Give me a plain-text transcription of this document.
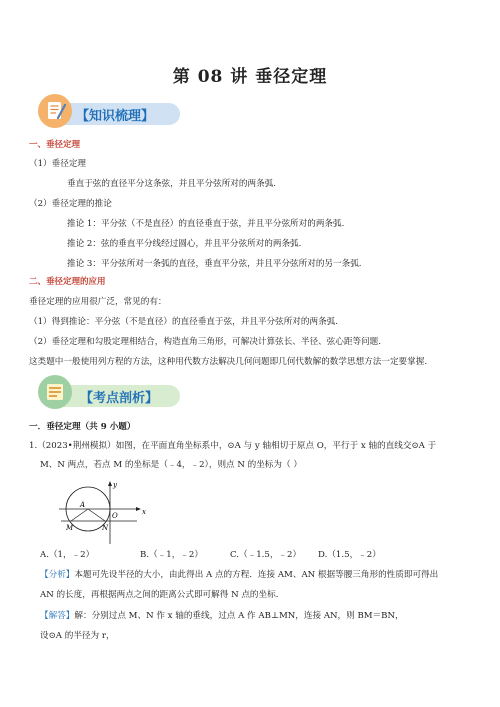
第 08 讲 垂径定理
【知识梳理】
一、垂径定理
（1）垂径定理
垂直于弦的直径平分这条弦，并且平分弦所对的两条弧.
（2）垂径定理的推论
推论 1：平分弦（不是直径）的直径垂直于弦，并且平分弦所对的两条弧.
推论 2：弦的垂直平分线经过圆心，并且平分弦所对的两条弧.
推论 3：平分弦所对一条弧的直径，垂直平分弦，并且平分弦所对的另一条弧.
二、垂径定理的应用
垂径定理的应用很广泛，常见的有：
（1）得到推论：平分弦（不是直径）的直径垂直于弦，并且平分弦所对的两条弧.
（2）垂径定理和勾股定理相结合，构造直角三角形，可解决计算弦长、半径、弦心距等问题.
这类题中一般使用列方程的方法，这种用代数方法解决几何问题即几何代数解的数学思想方法一定要掌握.
【考点剖析】
一．垂径定理（共 9 小题）
1.（2023•荆州模拟）如图，在平面直角坐标系中，⊙A 与 y 轴相切于原点 O，平行于 x 轴的直线交⊙A 于
M、N 两点，若点 M 的坐标是（﹣4，﹣2），则点 N 的坐标为（ ）
y
x
A
O
M	N
A.（1，﹣2）	B.（﹣1，﹣2）	C.（﹣1.5，﹣2） D.（1.5，﹣2）
【分析】本题可先设半径的大小，由此得出 A 点的方程．连接 AM、AN 根据等腰三角形的性质即可得出
AN 的长度，再根据两点之间的距离公式即可解得 N 点的坐标.
【解答】解：分别过点 M、N 作 x 轴的垂线，过点 A 作 AB⊥MN，连接 AN，则 BM＝BN，
设⊙A 的半径为 r，
